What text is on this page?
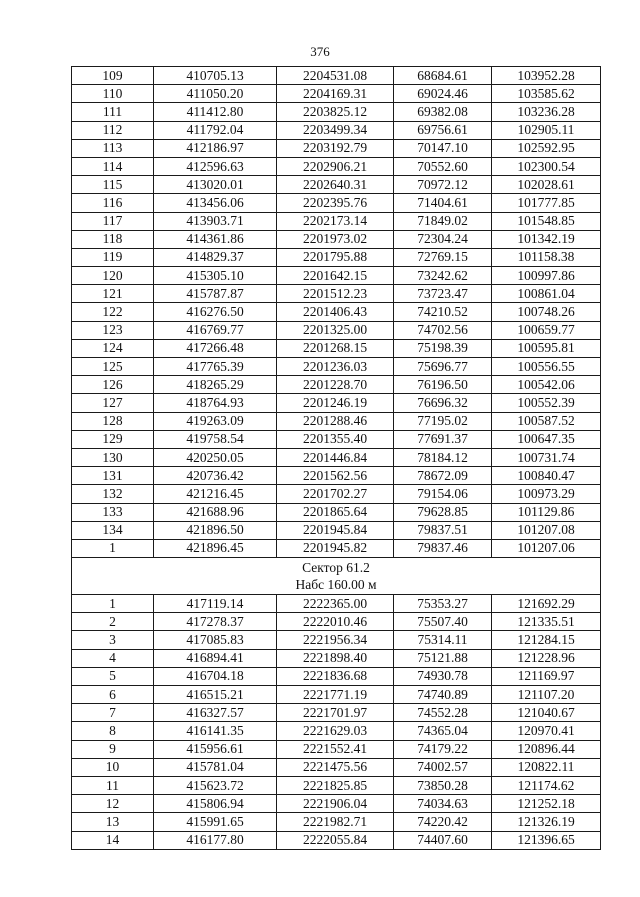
376
109	410705.13	2204531.08	68684.61	103952.28
110	411050.20	2204169.31	69024.46	103585.62
111	411412.80	2203825.12	69382.08	103236.28
112	411792.04	2203499.34	69756.61	102905.11
113	412186.97	2203192.79	70147.10	102592.95
114	412596.63	2202906.21	70552.60	102300.54
115	413020.01	2202640.31	70972.12	102028.61
116	413456.06	2202395.76	71404.61	101777.85
117	413903.71	2202173.14	71849.02	101548.85
118	414361.86	2201973.02	72304.24	101342.19
119	414829.37	2201795.88	72769.15	101158.38
120	415305.10	2201642.15	73242.62	100997.86
121	415787.87	2201512.23	73723.47	100861.04
122	416276.50	2201406.43	74210.52	100748.26
123	416769.77	2201325.00	74702.56	100659.77
124	417266.48	2201268.15	75198.39	100595.81
125	417765.39	2201236.03	75696.77	100556.55
126	418265.29	2201228.70	76196.50	100542.06
127	418764.93	2201246.19	76696.32	100552.39
128	419263.09	2201288.46	77195.02	100587.52
129	419758.54	2201355.40	77691.37	100647.35
130	420250.05	2201446.84	78184.12	100731.74
131	420736.42	2201562.56	78672.09	100840.47
132	421216.45	2201702.27	79154.06	100973.29
133	421688.96	2201865.64	79628.85	101129.86
134	421896.50	2201945.84	79837.51	101207.08
1	421896.45	2201945.82	79837.46	101207.06

Сектор 61.2
Набс 160.00 м				

1	417119.14	2222365.00	75353.27	121692.29
2	417278.37	2222010.46	75507.40	121335.51
3	417085.83	2221956.34	75314.11	121284.15
4	416894.41	2221898.40	75121.88	121228.96
5	416704.18	2221836.68	74930.78	121169.97
6	416515.21	2221771.19	74740.89	121107.20
7	416327.57	2221701.97	74552.28	121040.67
8	416141.35	2221629.03	74365.04	120970.41
9	415956.61	2221552.41	74179.22	120896.44
10	415781.04	2221475.56	74002.57	120822.11
11	415623.72	2221825.85	73850.28	121174.62
12	415806.94	2221906.04	74034.63	121252.18
13	415991.65	2221982.71	74220.42	121326.19
14	416177.80	2222055.84	74407.60	121396.65
